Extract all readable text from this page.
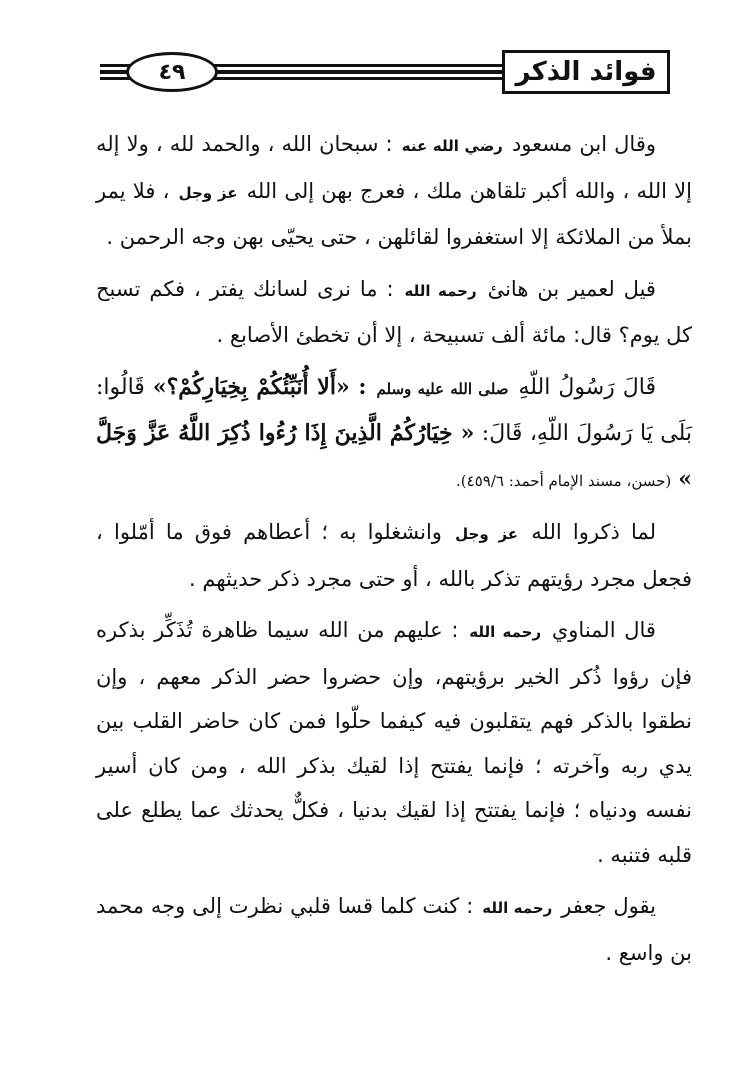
فوائد الذكر
٤٩

وقال ابن مسعود رضي الله عنه : سبحان الله ، والحمد لله ، ولا إله إلا الله ، والله أكبر تلقاهن ملك ، فعرج بهن إلى الله عز وجل ، فلا يمر بملأ من الملائكة إلا استغفروا لقائلهن ، حتى يحيّى بهن وجه الرحمن .

قيل لعمير بن هانئ رحمه الله : ما نرى لسانك يفتر ، فكم تسبح كل يوم؟ قال: مائة ألف تسبيحة ، إلا أن تخطئ الأصابع .

قَالَ رَسُولُ اللّهِ صلى الله عليه وسلم : «أَلا أُنَبِّئُكُمْ بِخِيَارِكُمْ؟» قَالُوا: بَلَى يَا رَسُولَ اللّهِ، قَالَ: « خِيَارُكُمُ الَّذِينَ إِذَا رُءُوا ذُكِرَ اللَّهُ عَزَّ وَجَلَّ » (حسن، مسند الإمام أحمد: ٤٥٩/٦).

لما ذكروا الله عز وجل وانشغلوا به ؛ أعطاهم فوق ما أمّلوا ، فجعل مجرد رؤيتهم تذكر بالله ، أو حتى مجرد ذكر حديثهم .

قال المناوي رحمه الله : عليهم من الله سيما ظاهرة تُذَكِّر بذكره فإن رؤوا ذُكر الخير برؤيتهم، وإن حضروا حضر الذكر معهم ، وإن نطقوا بالذكر فهم يتقلبون فيه كيفما حلّوا فمن كان حاضر القلب بين يدي ربه وآخرته ؛ فإنما يفتتح إذا لقيك بذكر الله ، ومن كان أسير نفسه ودنياه ؛ فإنما يفتتح إذا لقيك بدنيا ، فكلٌّ يحدثك عما يطلع على قلبه فتنبه .

يقول جعفر رحمه الله : كنت كلما قسا قلبي نظرت إلى وجه محمد بن واسع .
